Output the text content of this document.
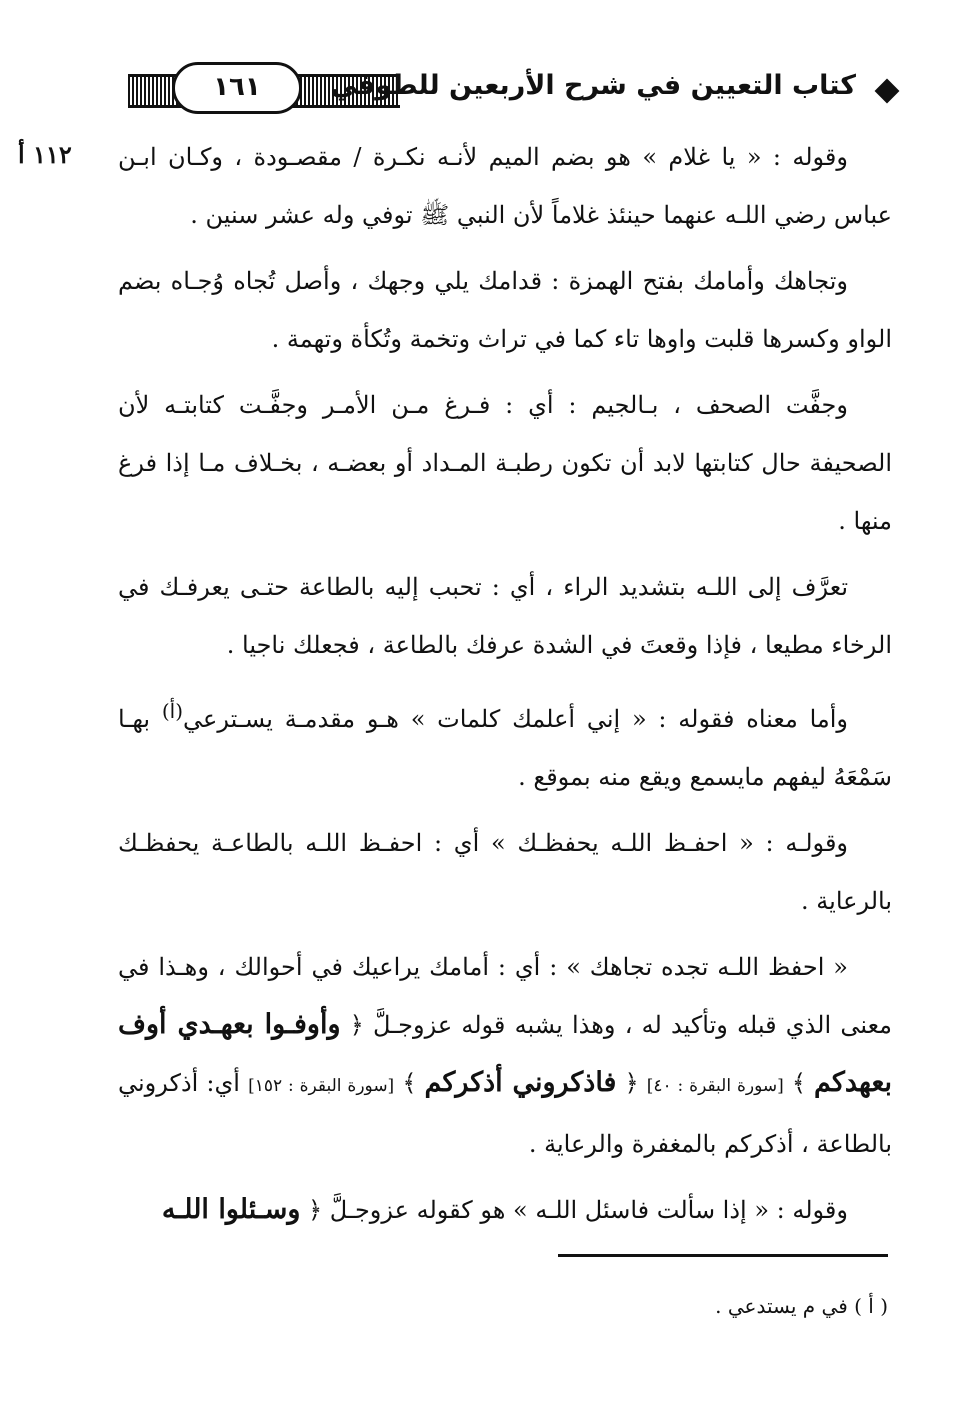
١٦١	كتاب التعيين في شرح الأربعين للطوفي
١١٢ أ وقوله : « يا غلام » هو بضم الميم لأنـه نكـرة / مقصـودة ، وكـان ابـن عباس رضي اللـه عنهما حينئذ غلاماً لأن النبي ﷺ توفي وله عشر سنين .

وتجاهك وأمامك بفتح الهمزة : قدامك يلي وجهك ، وأصل تُجاه وُجـاه بضم الواو وكسرها قلبت واوها تاء كما في تراث وتخمة وتُكأة وتهمة .

وجفَّت الصحف ، بـالجيم : أي : فـرغ مـن الأمـر وجفَّـت كتابتـه لأن الصحيفة حال كتابتها لابد أن تكون رطبـة المـداد أو بعضـه ، بخـلاف مـا إذا فرغ منها .

تعرَّف إلى اللـه بتشديد الراء ، أي : تحبب إليه بالطاعة حتـى يعرفـك في الرخاء مطيعا ، فإذا وقعتَ في الشدة عرفك بالطاعة ، فجعلك ناجيا .

وأما معناه فقوله : « إني أعلمك كلمات » هـو مقدمـة يسـترعي$^{(أ)}$ بهـا سَمْعَهُ ليفهم مايسمع ويقع منه بموقع .

وقولـه : « احفـظ اللـه يحفظـك » أي : احفـظ اللـه بالطاعـة يحفظـك بالرعاية .

« احفظ اللـه تجده تجاهك » : أي : أمامك يراعيك في أحوالك ، وهـذا في معنى الذي قبله وتأكيد له ، وهذا يشبه قوله عزوجـلَّ ﴿ وأوفـوا بعهـدي أوف بعهدكم ﴾ [سورة البقرة : ٤٠] ﴿ فاذكروني أذكركم ﴾ [سورة البقرة : ١٥٢] أي: أذكروني بالطاعة ، أذكركم بالمغفرة والرعاية .

وقوله : « إذا سألت فاسئل اللـه » هو كقوله عزوجـلَّ ﴿ وسـئلوا اللـه

( أ ) في م يستدعي .
